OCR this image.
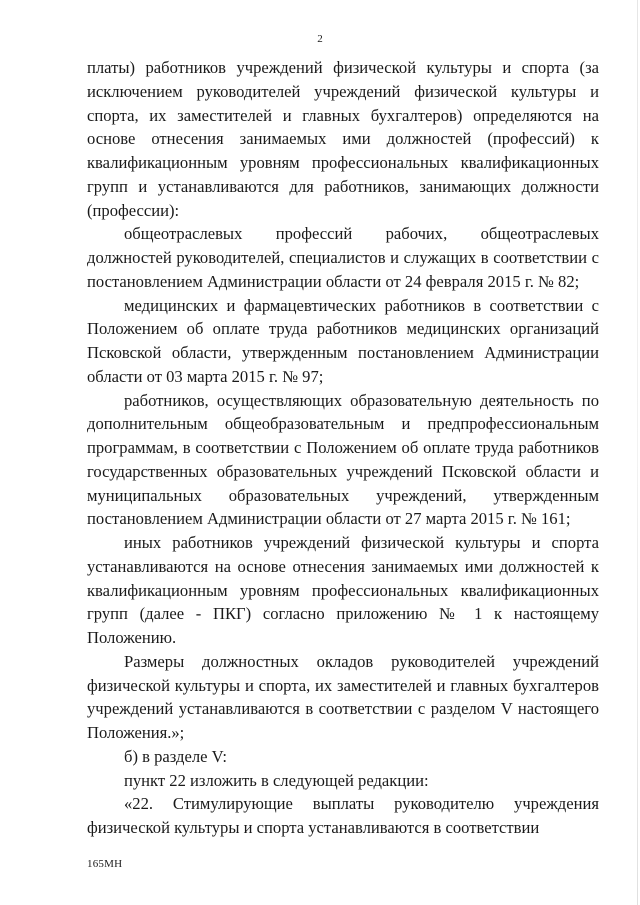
2

платы) работников учреждений физической культуры и спорта (за исключением руководителей учреждений физической культуры и спорта, их заместителей и главных бухгалтеров) определяются на основе отнесения занимаемых ими должностей (профессий) к квалификационным уровням профессиональных квалификационных групп и устанавливаются для работников, занимающих должности (профессии):

общеотраслевых профессий рабочих, общеотраслевых должностей руководителей, специалистов и служащих в соответствии с постановлением Администрации области от 24 февраля 2015 г. № 82;

медицинских и фармацевтических работников в соответствии с Положением об оплате труда работников медицинских организаций Псковской области, утвержденным постановлением Администрации области от 03 марта 2015 г. № 97;

работников, осуществляющих образовательную деятельность по дополнительным общеобразовательным и предпрофессиональным программам, в соответствии с Положением об оплате труда работников государственных образовательных учреждений Псковской области и муниципальных образовательных учреждений, утвержденным постановлением Администрации области от 27 марта 2015 г. № 161;

иных работников учреждений физической культуры и спорта устанавливаются на основе отнесения занимаемых ими должностей к квалификационным уровням профессиональных квалификационных групп (далее - ПКГ) согласно приложению № 1 к настоящему Положению.

Размеры должностных окладов руководителей учреждений физической культуры и спорта, их заместителей и главных бухгалтеров учреждений устанавливаются в соответствии с разделом V настоящего Положения.»;

б) в разделе V:

пункт 22 изложить в следующей редакции:

«22. Стимулирующие выплаты руководителю учреждения физической культуры и спорта устанавливаются в соответствии

165МН
